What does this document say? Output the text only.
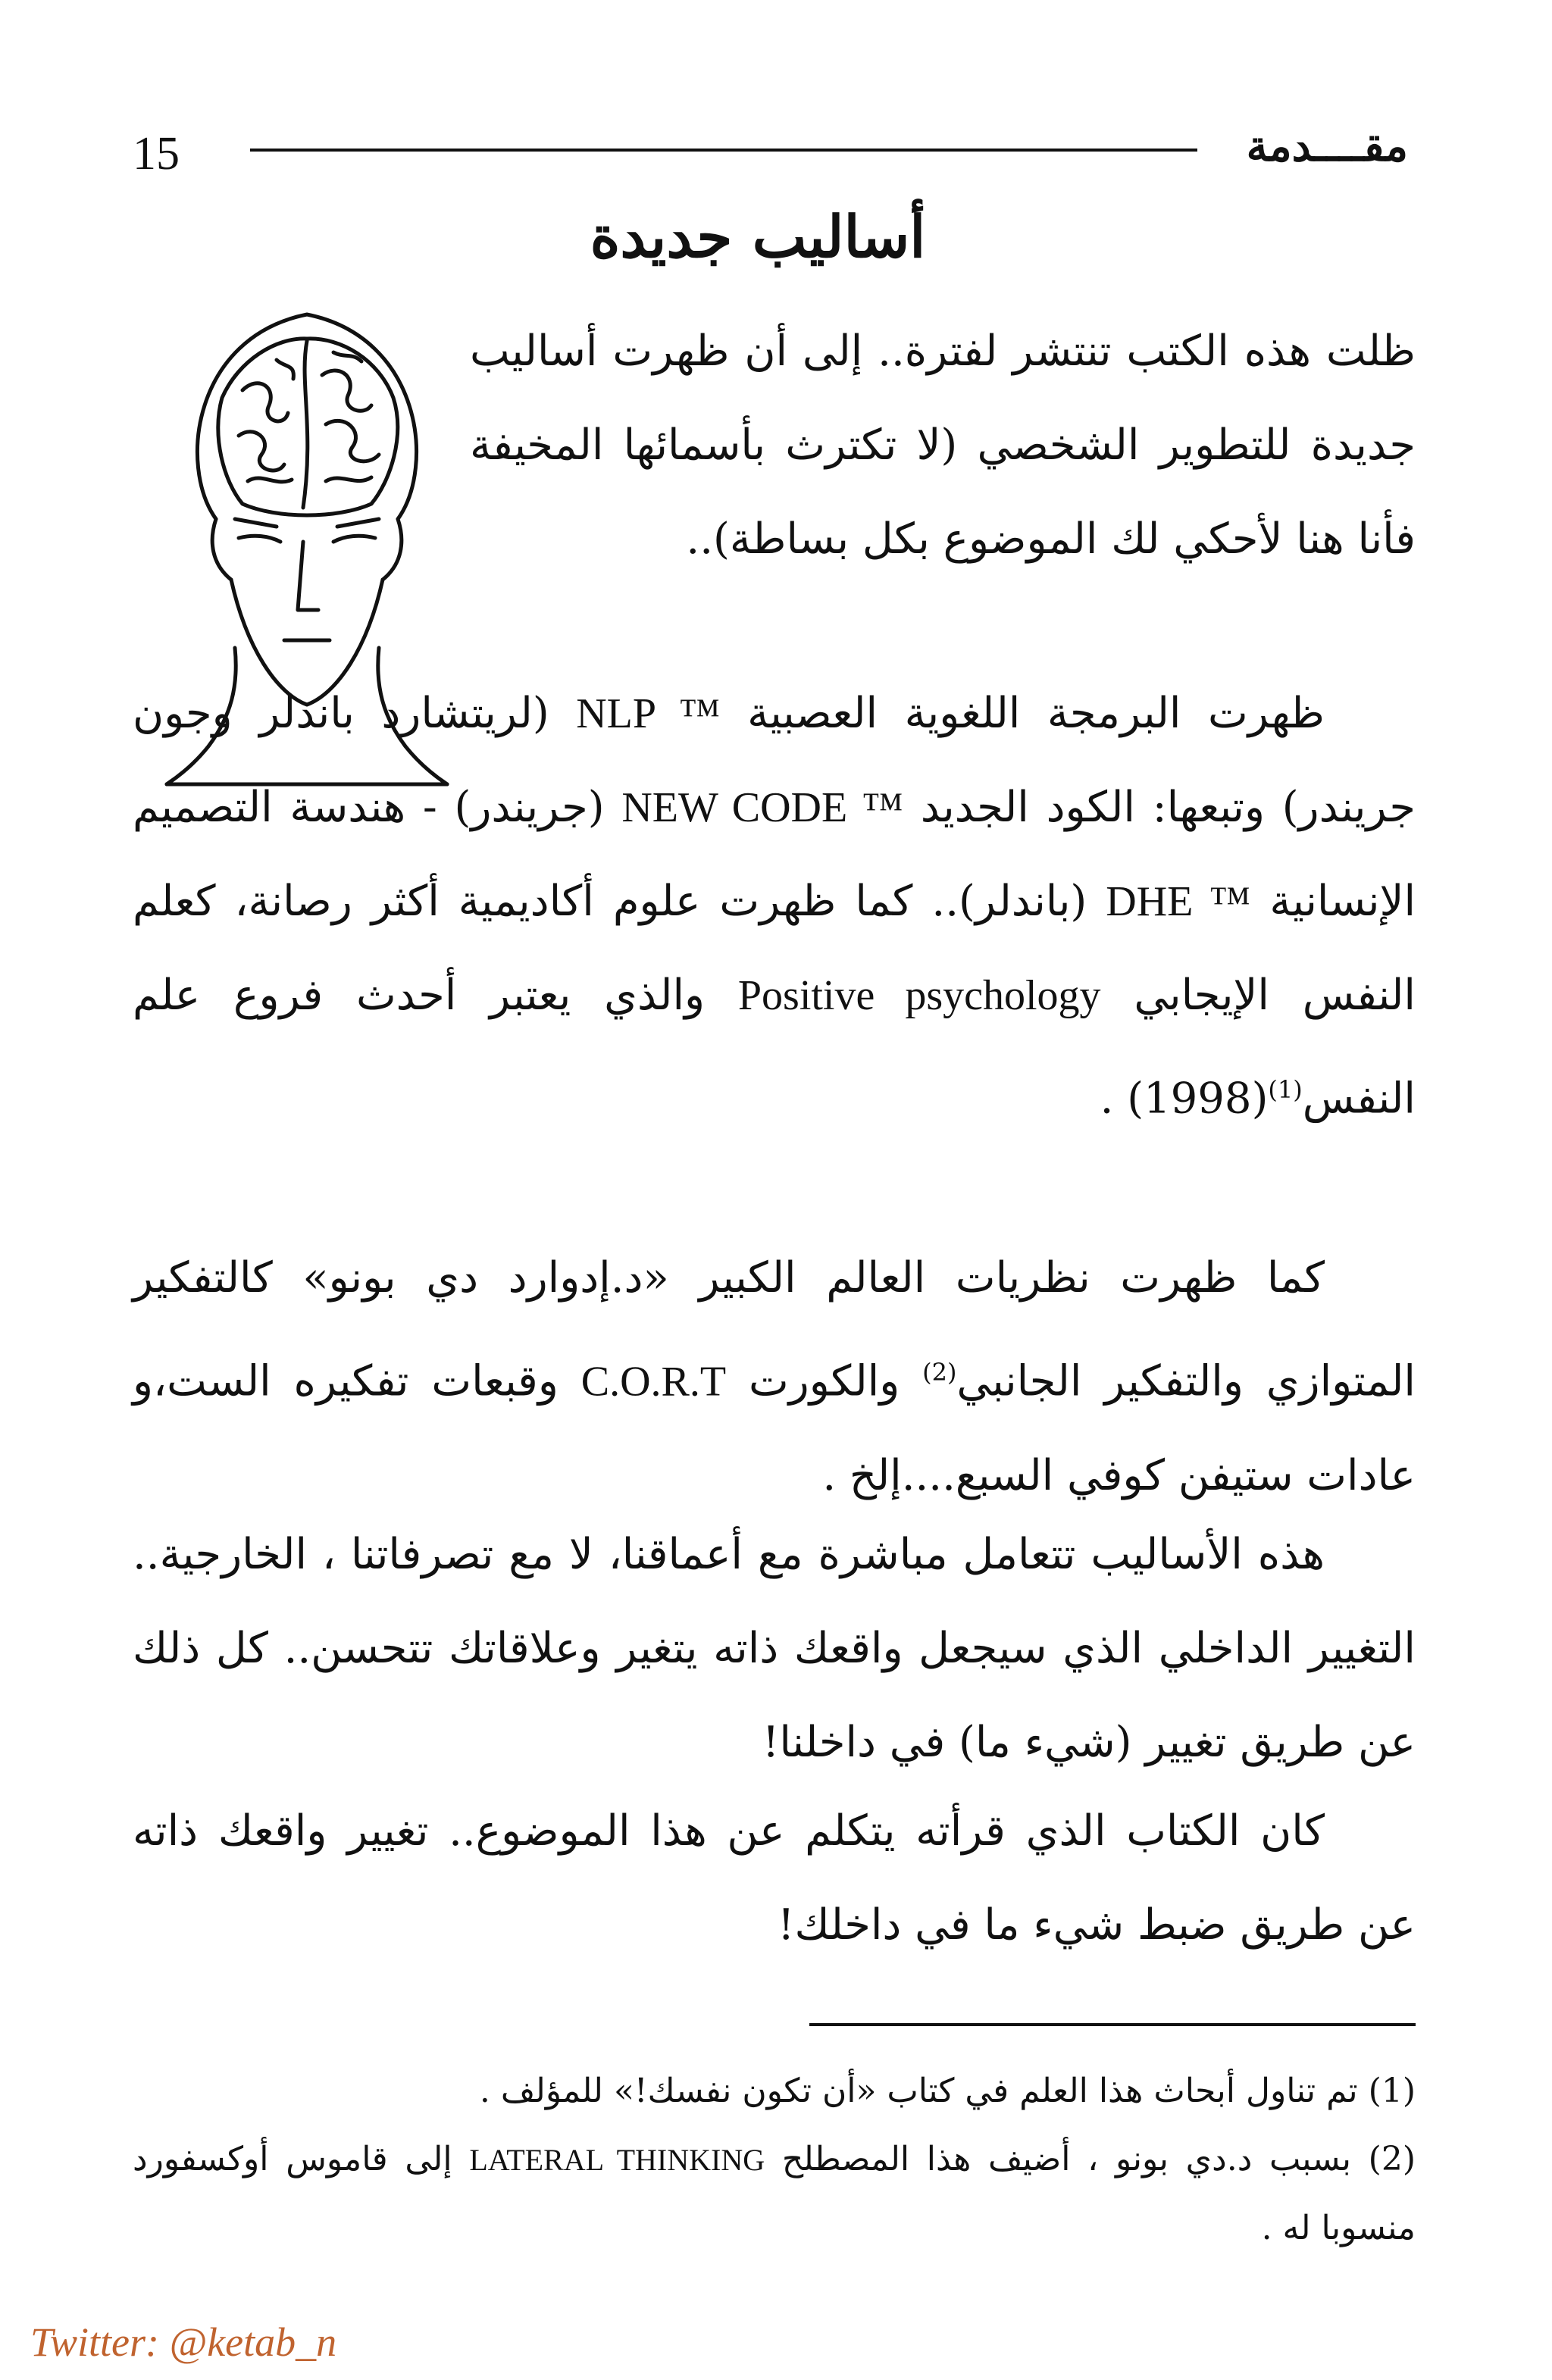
15	مقــــدمة
أساليب جديدة

ظلت هذه الكتب تنتشر لفترة.. إلى أن ظهرت أساليب جديدة للتطوير الشخصي (لا تكترث بأسمائها المخيفة فأنا هنا لأحكي لك الموضوع بكل بساطة)..

ظهرت البرمجة اللغوية العصبية NLP ™ (لريتشارد باندلر وجون جريندر) وتبعها: الكود الجديد NEW CODE ™ (جريندر) - هندسة التصميم الإنسانية DHE ™ (باندلر).. كما ظهرت علوم أكاديمية أكثر رصانة، كعلم النفس الإيجابي Positive psychology والذي يعتبر أحدث فروع علم النفس$^{(1)}$(1998) .

كما ظهرت نظريات العالم الكبير «د.إدوارد دي بونو» كالتفكير المتوازي والتفكير الجانبي$^{(2)}$ والكورت C.O.R.T وقبعات تفكيره الست،و عادات ستيفن كوفي السبع....إلخ .

هذه الأساليب تتعامل مباشرة مع أعماقنا، لا مع تصرفاتنا ، الخارجية.. التغيير الداخلي الذي سيجعل واقعك ذاته يتغير وعلاقاتك تتحسن.. كل ذلك عن طريق تغيير (شيء ما) في داخلنا!

كان الكتاب الذي قرأته يتكلم عن هذا الموضوع.. تغيير واقعك ذاته عن طريق ضبط شيء ما في داخلك!

(1) تم تناول أبحاث هذا العلم في كتاب «أن تكون نفسك!» للمؤلف .

(2) بسبب د.دي بونو ، أضيف هذا المصطلح LATERAL THINKING إلى قاموس أوكسفورد منسوبا له .

Twitter: @ketab_n
